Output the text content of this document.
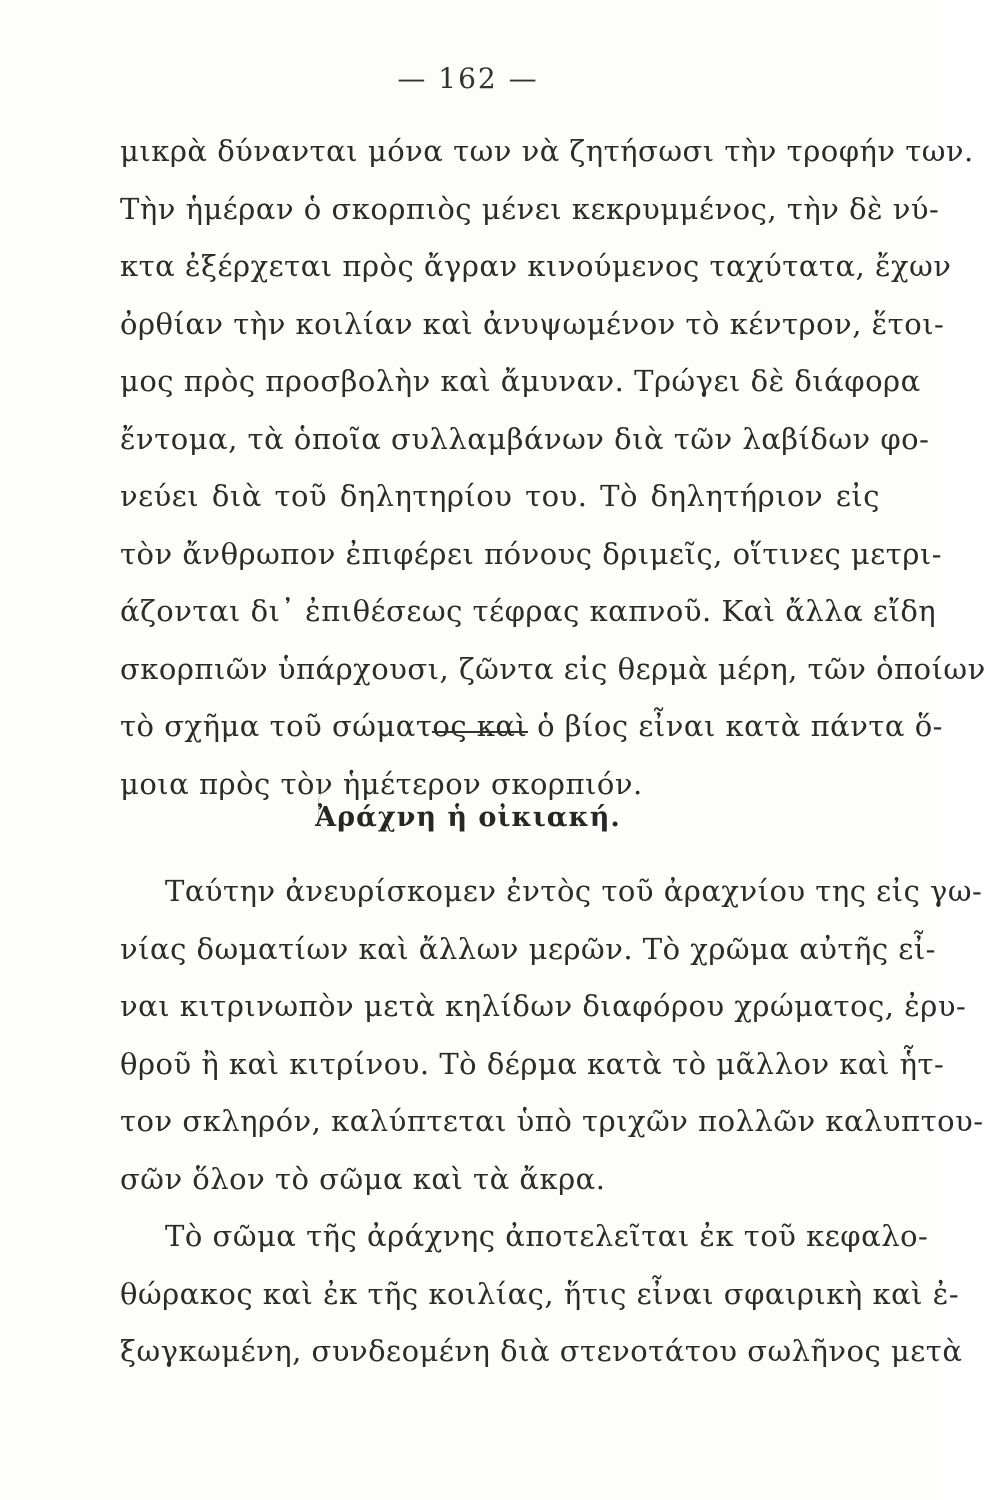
— 162 —
μικρὰ δύνανται μόνα των νὰ ζητήσωσι τὴν τροφήν των.
Τὴν ἡμέραν ὁ σκορπιὸς μένει κεκρυμμένος, τὴν δὲ νύ-
κτα ἐξέρχεται πρὸς ἄγραν κινούμενος ταχύτατα, ἔχων
ὀρθίαν τὴν κοιλίαν καὶ ἀνυψωμένον τὸ κέντρον, ἕτοι-
μος πρὸς προσβολὴν καὶ ἄμυναν. Τρώγει δὲ διάφορα
ἔντομα, τὰ ὁποῖα συλλαμβάνων διὰ τῶν λαβίδων φο-
νεύει διὰ τοῦ δηλητηρίου του. Τὸ δηλητήριον εἰς
τὸν ἄνθρωπον ἐπιφέρει πόνους δριμεῖς, οἵτινες μετρι-
άζονται δι᾽ ἐπιθέσεως τέφρας καπνοῦ. Καὶ ἄλλα εἴδη
σκορπιῶν ὑπάρχουσι, ζῶντα εἰς θερμὰ μέρη, τῶν ὁποίων
τὸ σχῆμα τοῦ σώματος καὶ ὁ βίος εἶναι κατὰ πάντα ὅ-
μοια πρὸς τὸν ἡμέτερον σκορπιόν.
Ἀράχνη ἡ οἰκιακή.
Ταύτην ἀνευρίσκομεν ἐντὸς τοῦ ἀραχνίου της εἰς γω-
νίας δωματίων καὶ ἄλλων μερῶν. Τὸ χρῶμα αὐτῆς εἶ-
ναι κιτρινωπὸν μετὰ κηλίδων διαφόρου χρώματος, ἐρυ-
θροῦ ἢ καὶ κιτρίνου. Τὸ δέρμα κατὰ τὸ μᾶλλον καὶ ἧτ-
τον σκληρόν, καλύπτεται ὑπὸ τριχῶν πολλῶν καλυπτου-
σῶν ὅλον τὸ σῶμα καὶ τὰ ἄκρα.
Τὸ σῶμα τῆς ἀράχνης ἀποτελεῖται ἐκ τοῦ κεφαλο-
θώρακος καὶ ἐκ τῆς κοιλίας, ἥτις εἶναι σφαιρικὴ καὶ ἐ-
ξωγκωμένη, συνδεομένη διὰ στενοτάτου σωλῆνος μετὰ
